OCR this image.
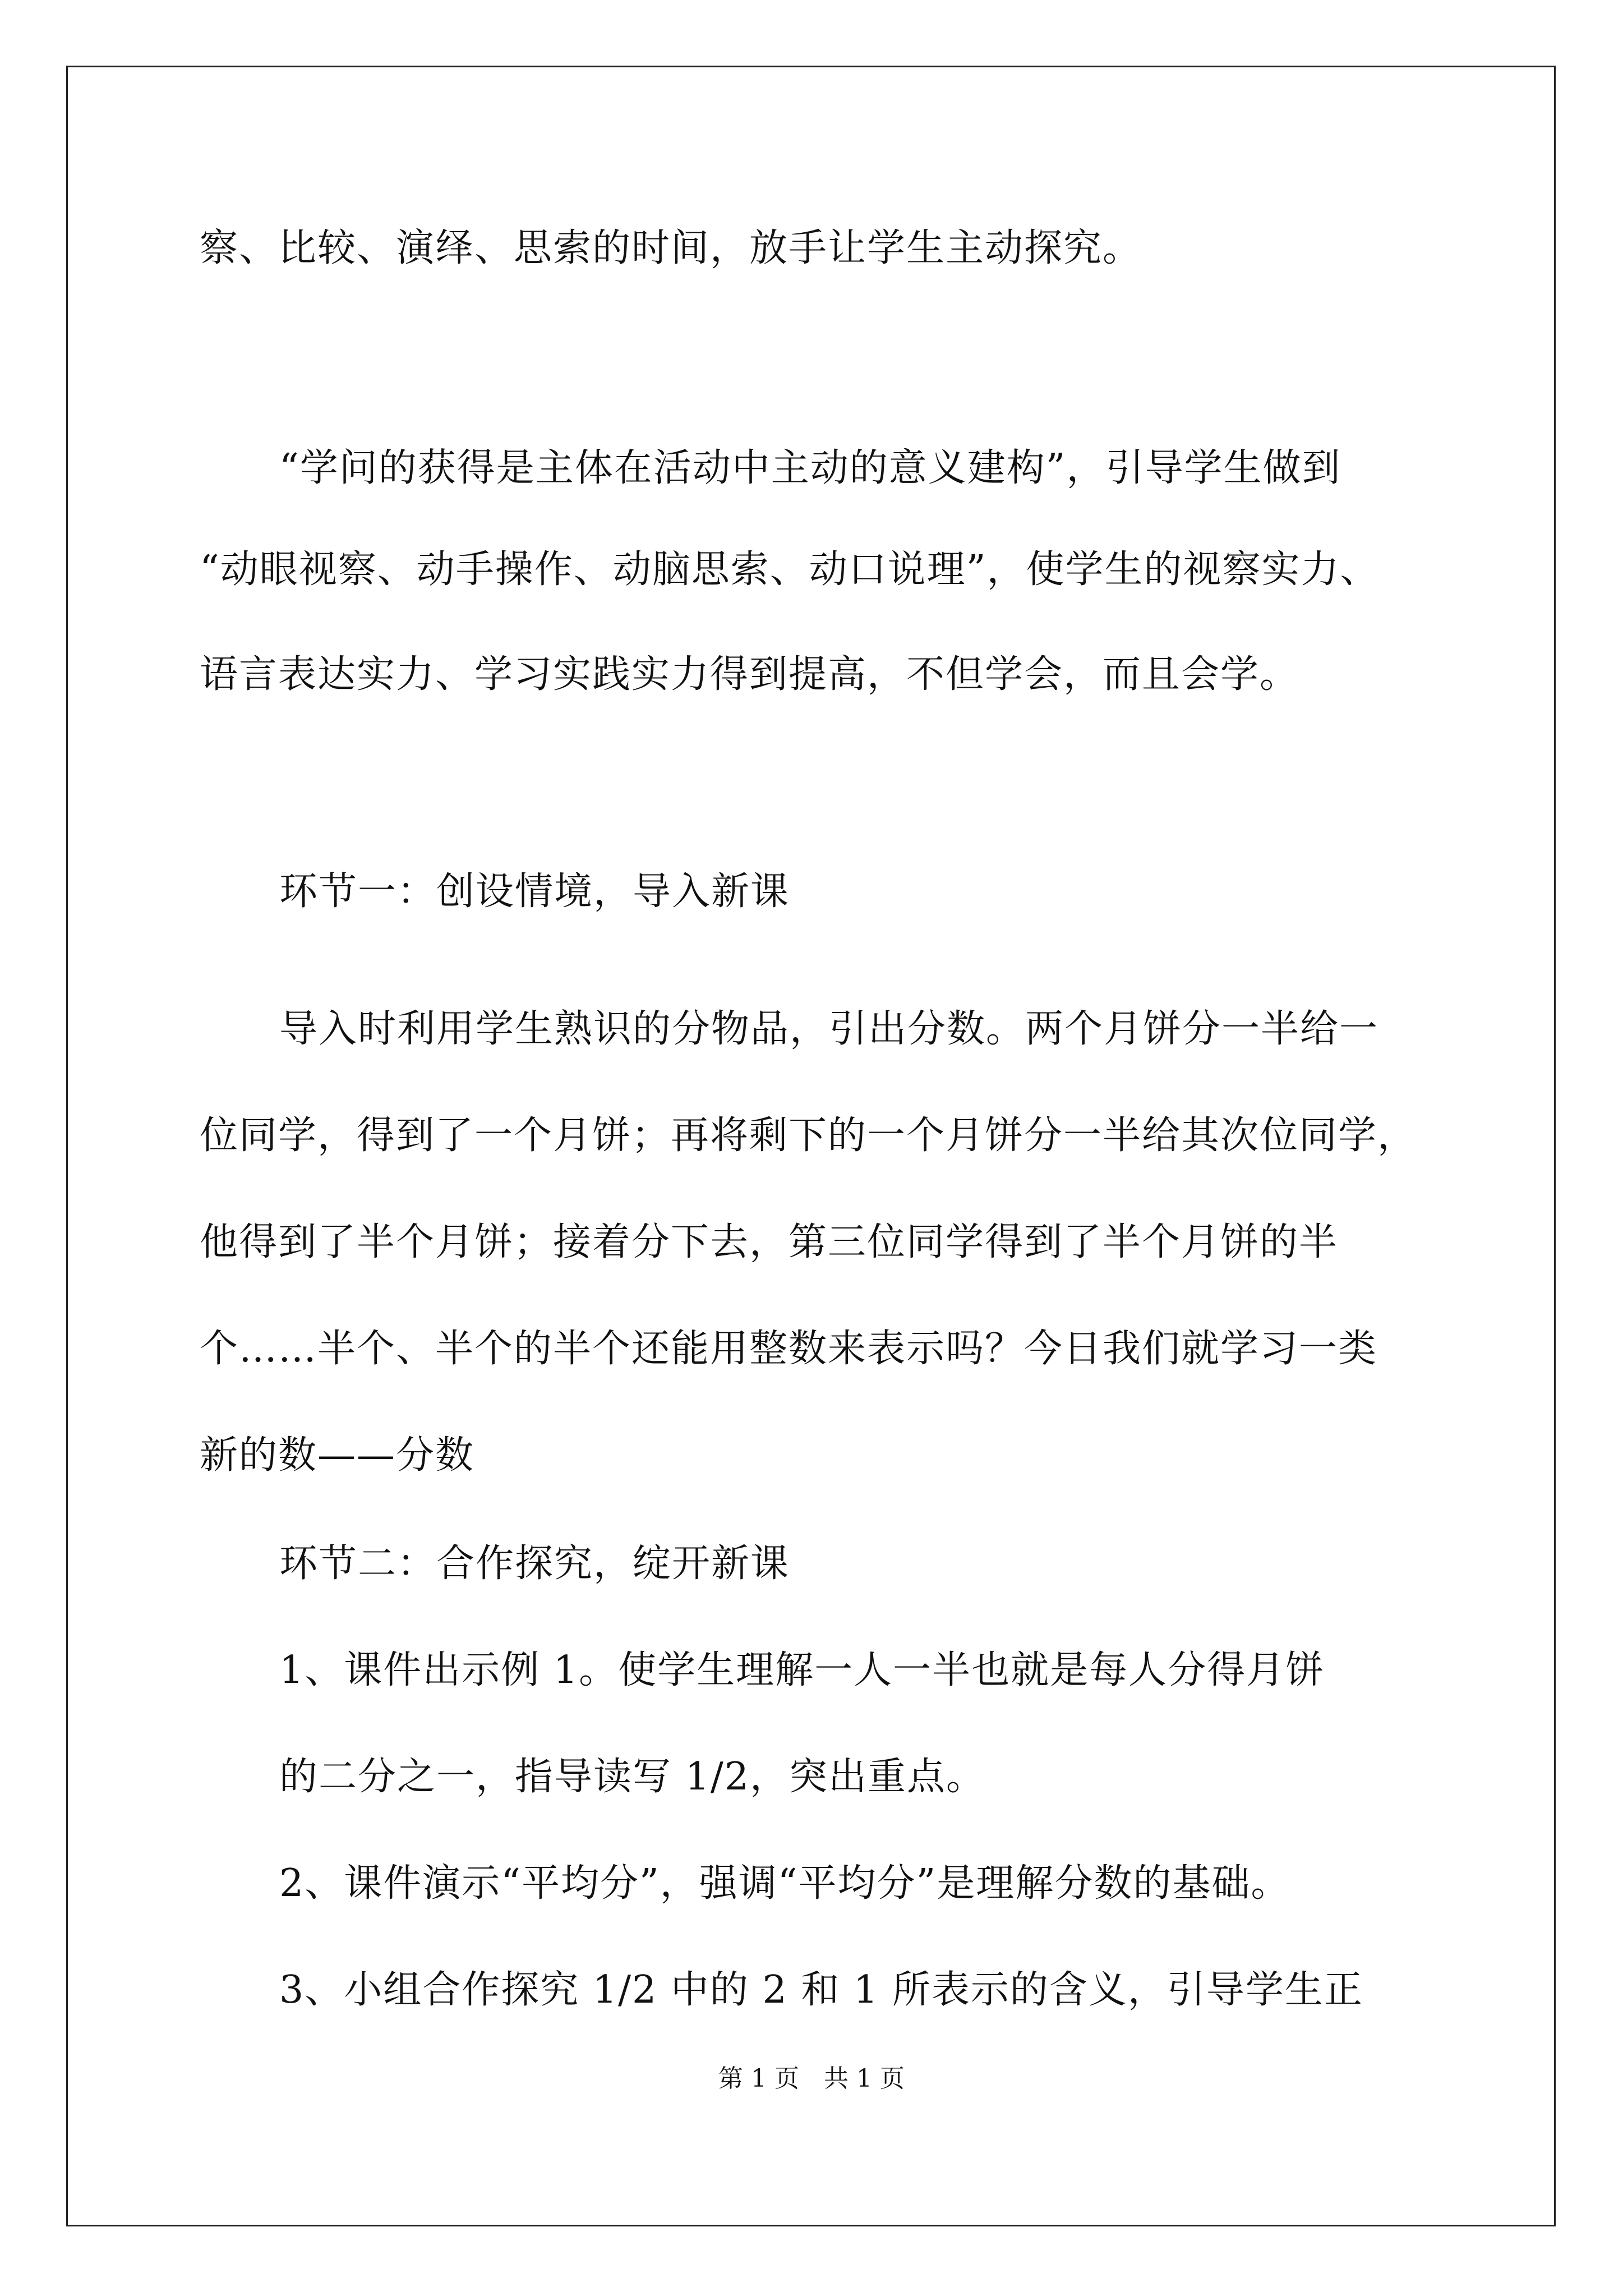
察、比较、演绎、思索的时间，放手让学生主动探究。
“学问的获得是主体在活动中主动的意义建构”，引导学生做到
“动眼视察、动手操作、动脑思索、动口说理”，使学生的视察实力、
语言表达实力、学习实践实力得到提高，不但学会，而且会学。
环节一：创设情境，导入新课
导入时利用学生熟识的分物品，引出分数。两个月饼分一半给一
位同学，得到了一个月饼；再将剩下的一个月饼分一半给其次位同学，
他得到了半个月饼；接着分下去，第三位同学得到了半个月饼的半
个……半个、半个的半个还能用整数来表示吗？今日我们就学习一类
新的数——分数
环节二：合作探究，绽开新课
1、课件出示例 1。使学生理解一人一半也就是每人分得月饼
的二分之一，指导读写 1/2，突出重点。
2、课件演示“平均分”，强调“平均分”是理解分数的基础。
3、小组合作探究 1/2 中的 2 和 1 所表示的含义，引导学生正
第 1 页　共 1 页
